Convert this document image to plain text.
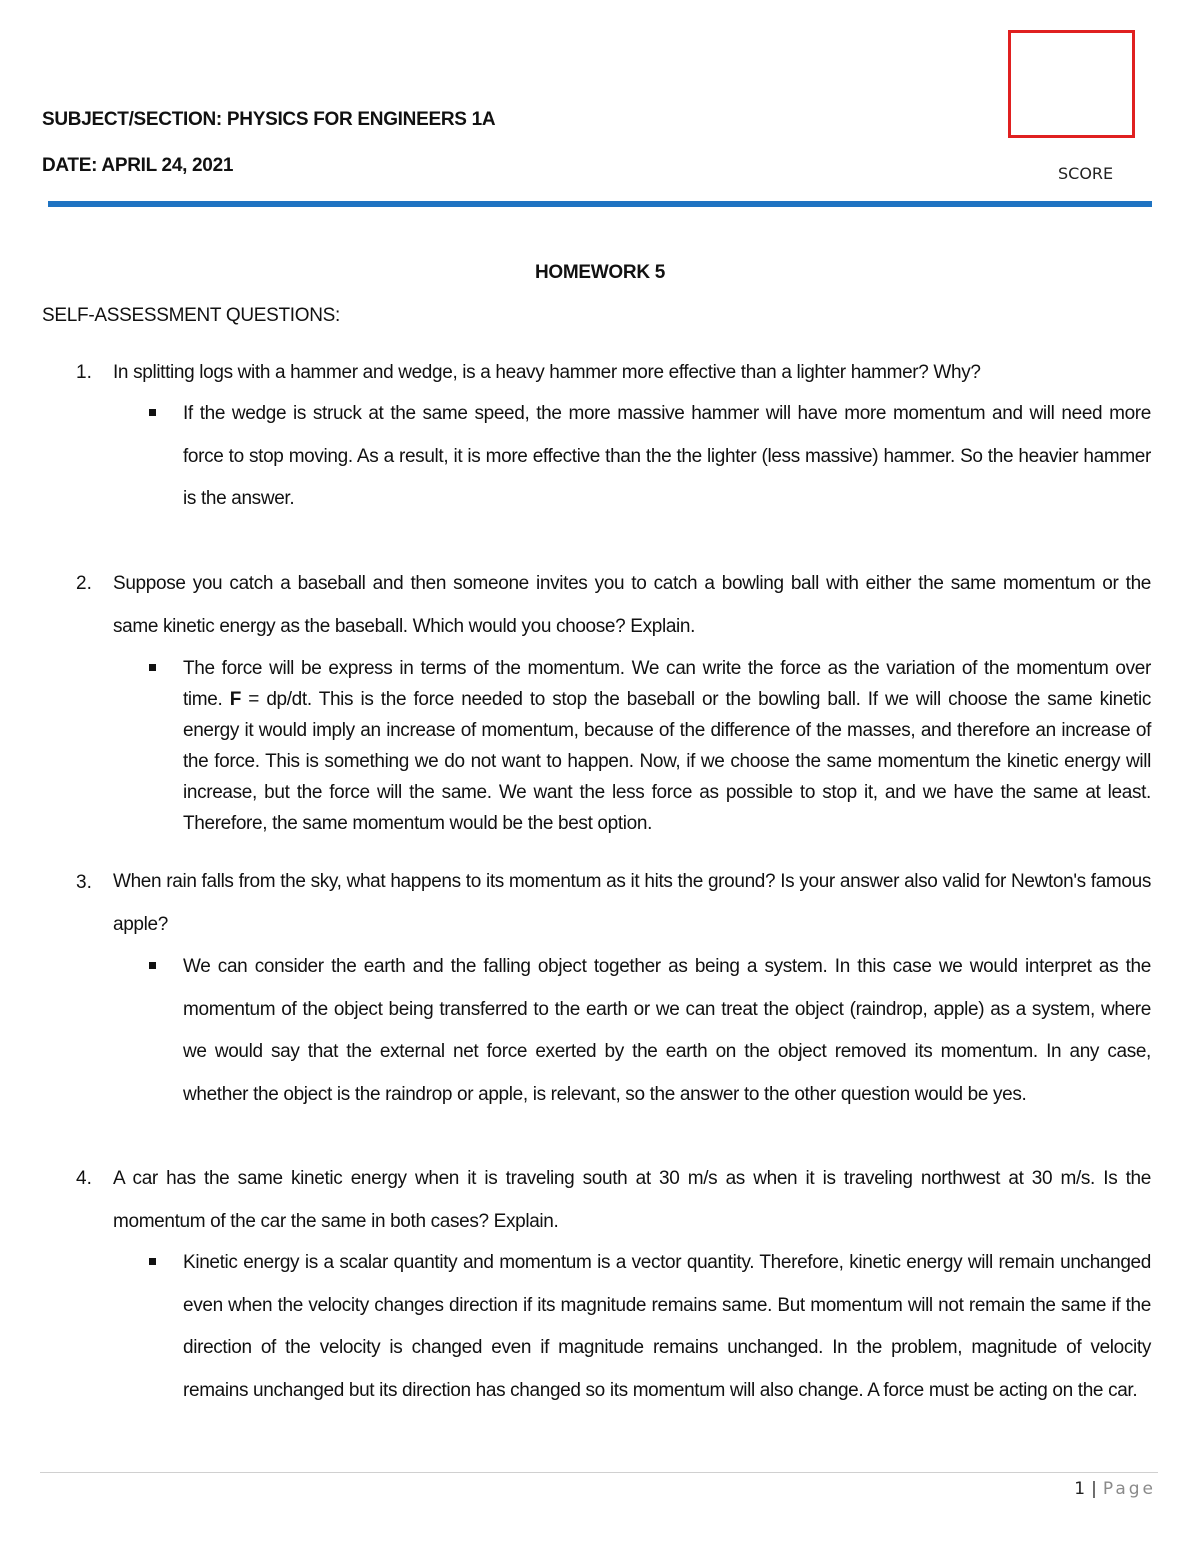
SUBJECT/SECTION: PHYSICS FOR ENGINEERS 1A
DATE: APRIL 24, 2021	SCORE
HOMEWORK 5
SELF-ASSESSMENT QUESTIONS:
1. In splitting logs with a hammer and wedge, is a heavy hammer more effective than a lighter hammer? Why?
If the wedge is struck at the same speed, the more massive hammer will have more momentum and will need more force to stop moving. As a result, it is more effective than the the lighter (less massive) hammer. So the heavier hammer is the answer.
2. Suppose you catch a baseball and then someone invites you to catch a bowling ball with either the same momentum or the same kinetic energy as the baseball. Which would you choose? Explain.
The force will be express in terms of the momentum. We can write the force as the variation of the momentum over time. F = dp/dt. This is the force needed to stop the baseball or the bowling ball. If we will choose the same kinetic energy it would imply an increase of momentum, because of the difference of the masses, and therefore an increase of the force. This is something we do not want to happen. Now, if we choose the same momentum the kinetic energy will increase, but the force will the same. We want the less force as possible to stop it, and we have the same at least. Therefore, the same momentum would be the best option.
3. When rain falls from the sky, what happens to its momentum as it hits the ground? Is your answer also valid for Newton's famous apple?
We can consider the earth and the falling object together as being a system. In this case we would interpret as the momentum of the object being transferred to the earth or we can treat the object (raindrop, apple) as a system, where we would say that the external net force exerted by the earth on the object removed its momentum. In any case, whether the object is the raindrop or apple, is relevant, so the answer to the other question would be yes.
4. A car has the same kinetic energy when it is traveling south at 30 m/s as when it is traveling northwest at 30 m/s. Is the momentum of the car the same in both cases? Explain.
Kinetic energy is a scalar quantity and momentum is a vector quantity. Therefore, kinetic energy will remain unchanged even when the velocity changes direction if its magnitude remains same. But momentum will not remain the same if the direction of the velocity is changed even if magnitude remains unchanged. In the problem, magnitude of velocity remains unchanged but its direction has changed so its momentum will also change. A force must be acting on the car.
1 | Page
